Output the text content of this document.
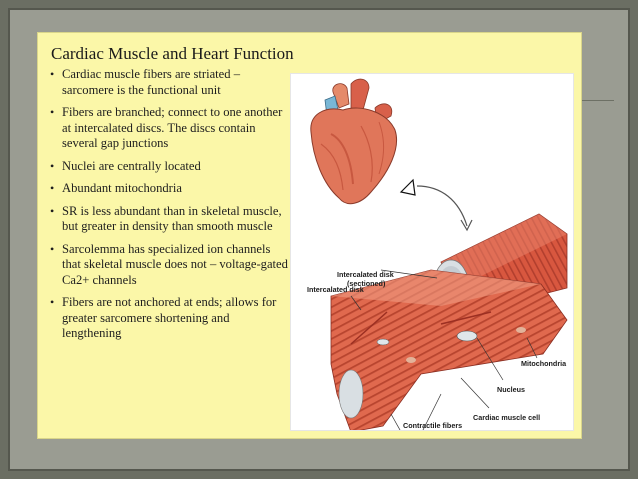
Cardiac Muscle and Heart Function
• Cardiac muscle fibers are striated – sarcomere is the functional unit
• Fibers are branched; connect to one another at intercalated discs. The discs contain several gap junctions
• Nuclei are centrally located
• Abundant mitochondria
• SR is less abundant than in skeletal muscle, but greater in density than smooth muscle
• Sarcolemma has specialized ion channels that skeletal muscle does not – voltage-gated Ca2+ channels
• Fibers are not anchored at ends; allows for greater sarcomere shortening and lengthening
Intercalated disk
(sectioned)
Intercalated disk
Mitochondria
Nucleus
Cardiac muscle cell
Contractile fibers
